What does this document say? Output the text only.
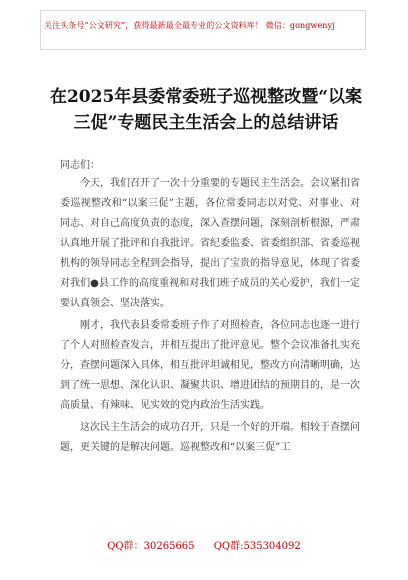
关注头条号“公文研究”，获得最新最全最专业的公文资料库！ 微信：gongwenyj
在2025年县委常委班子巡视整改暨“以案三促”专题民主生活会上的总结讲话
同志们：

今天，我们召开了一次十分重要的专题民主生活会。会议紧扣省委巡视整改和“以案三促”主题，各位常委同志以对党、对事业、对同志、对自己高度负责的态度，深入查摆问题，深刻剖析根源，严肃认真地开展了批评和自我批评。省纪委监委、省委组织部、省委巡视机构的领导同志全程到会指导，提出了宝贵的指导意见，体现了省委对我们●县工作的高度重视和对我们班子成员的关心爱护，我们一定要认真领会、坚决落实。

刚才，我代表县委常委班子作了对照检查，各位同志也逐一进行了个人对照检查发言，并相互提出了批评意见。整个会议准备扎实充分，查摆问题深入具体，相互批评坦诚相见，整改方向清晰明确，达到了统一思想、深化认识、凝聚共识、增进团结的预期目的，是一次高质量、有辣味、见实效的党内政治生活实践。

这次民主生活会的成功召开，只是一个好的开端。相较于查摆问题，更关键的是解决问题。巡视整改和“以案三促”工

QQ群：30265665 QQ群:535304092
